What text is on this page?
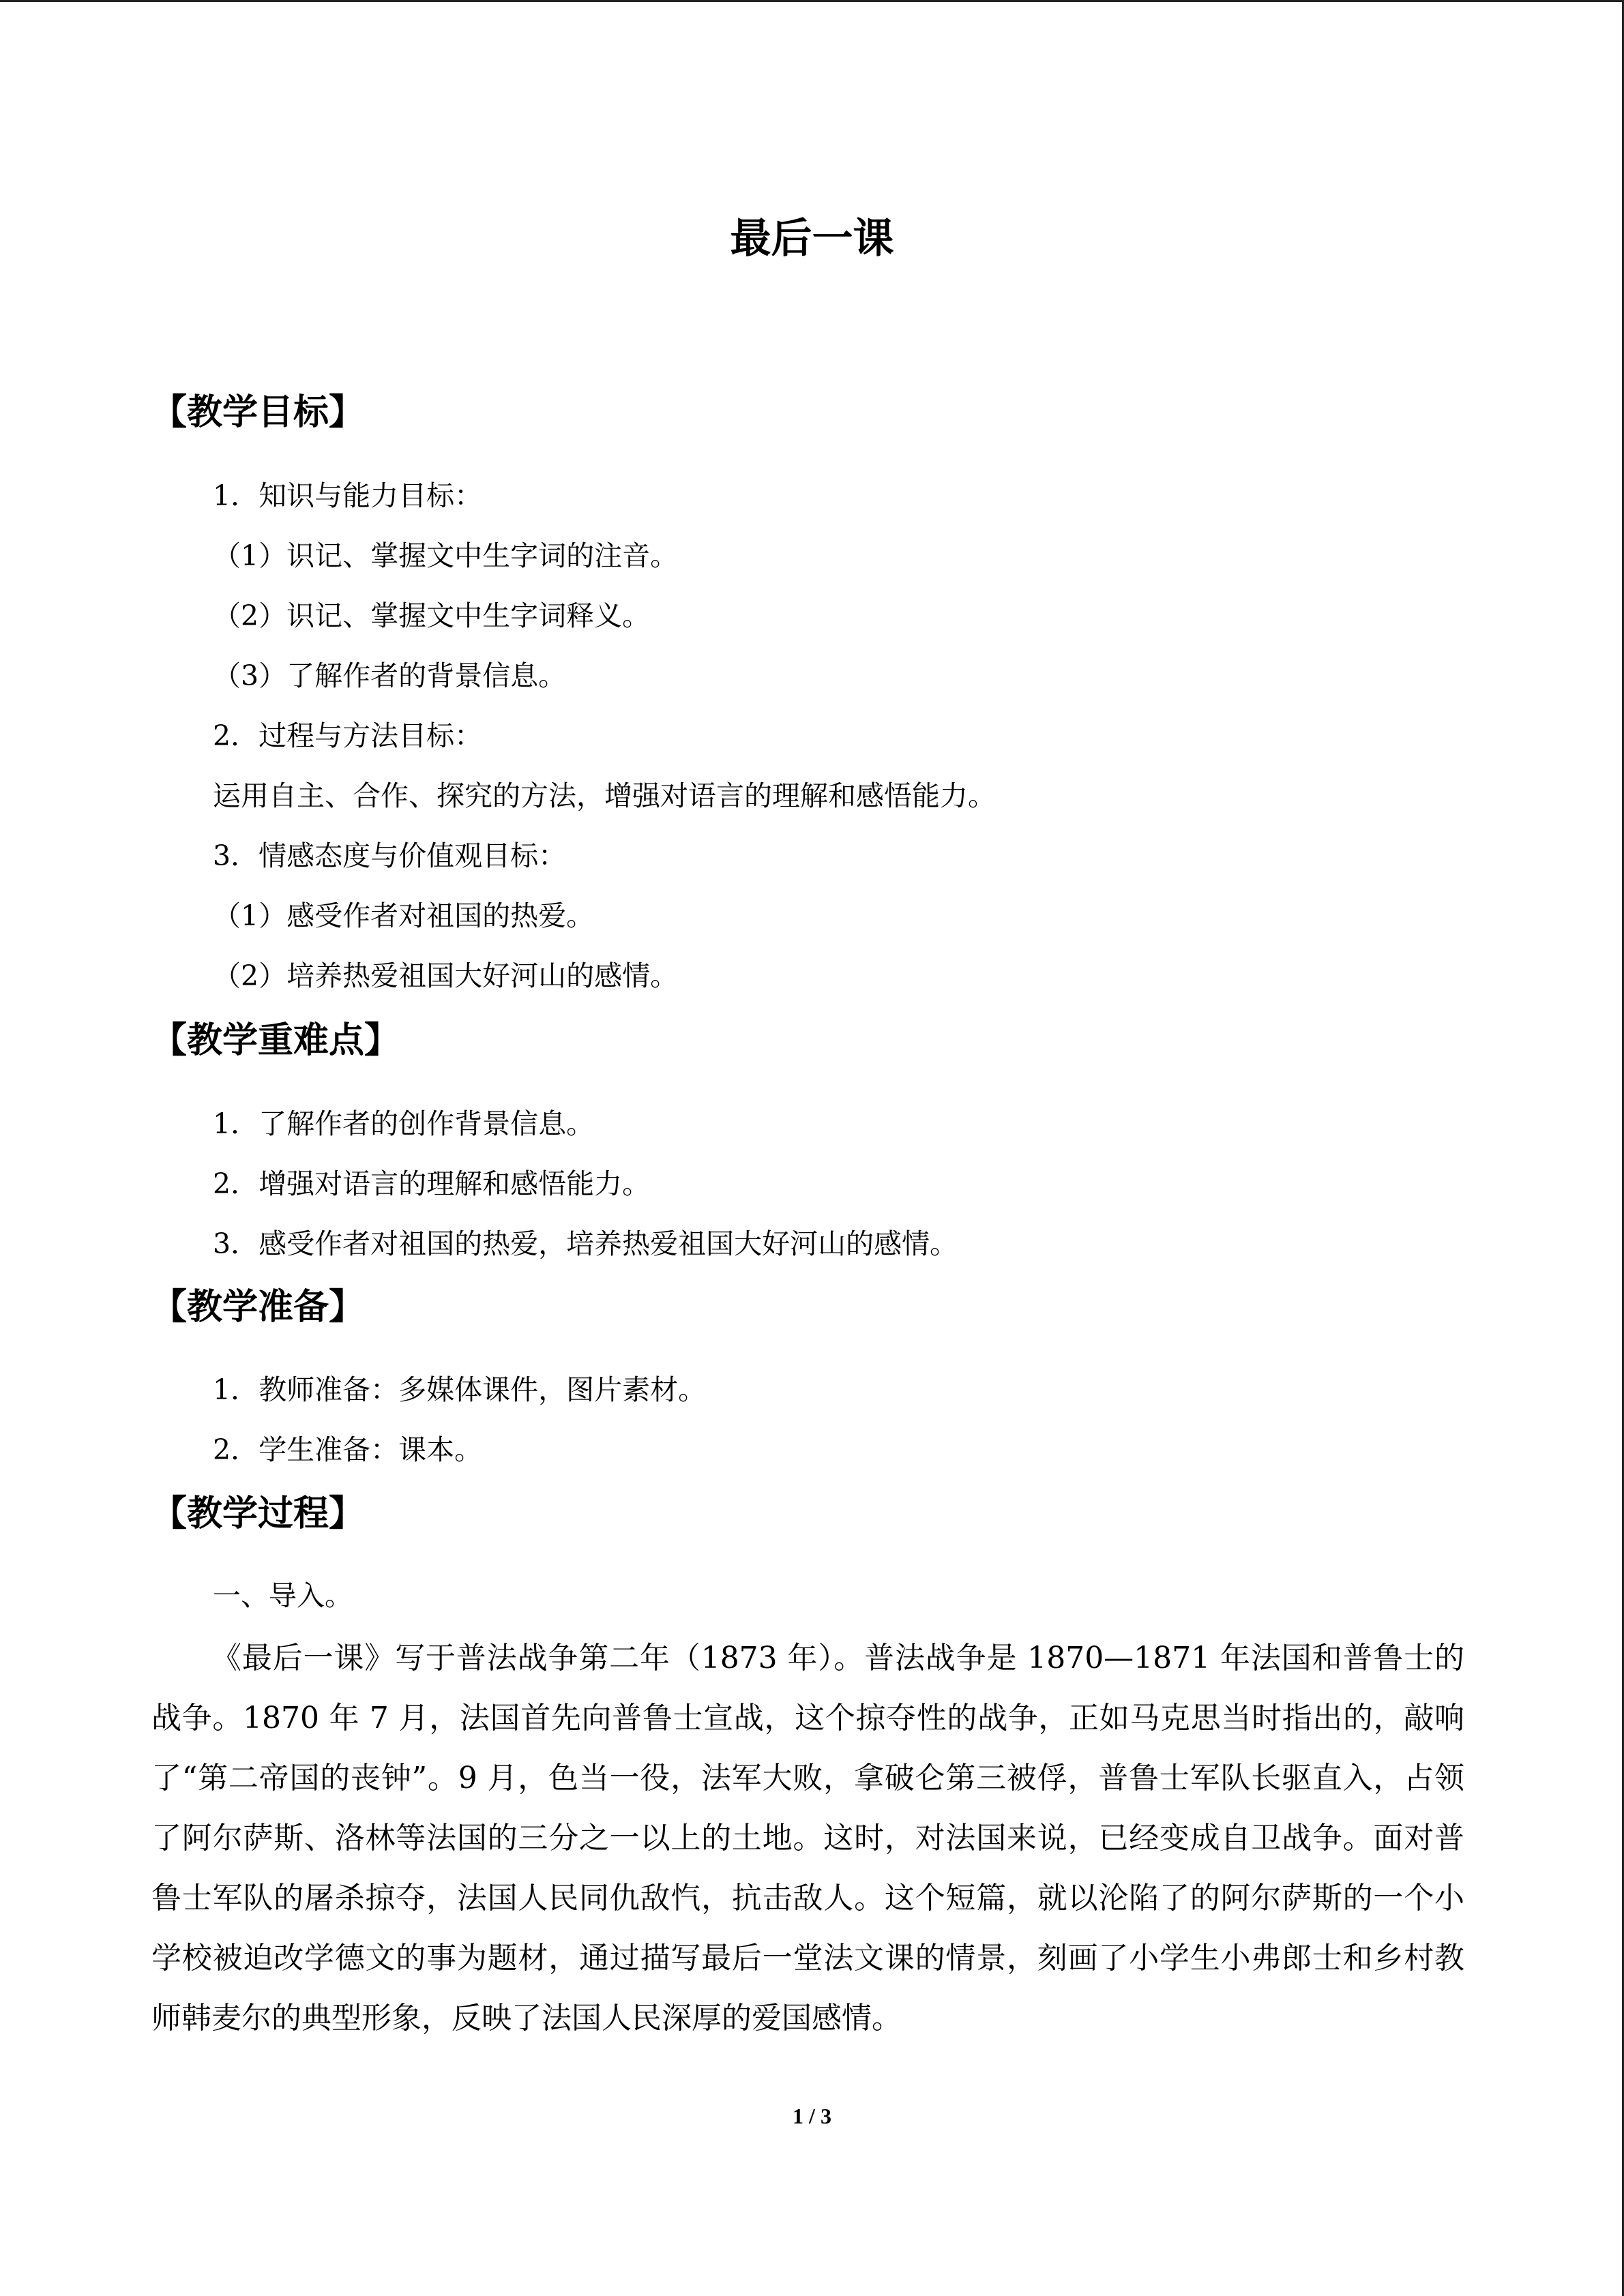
最后一课
【教学目标】

1．知识与能力目标：

（1）识记、掌握文中生字词的注音。

（2）识记、掌握文中生字词释义。

（3）了解作者的背景信息。

2．过程与方法目标：

运用自主、合作、探究的方法，增强对语言的理解和感悟能力。

3．情感态度与价值观目标：

（1）感受作者对祖国的热爱。

（2）培养热爱祖国大好河山的感情。

【教学重难点】

1．了解作者的创作背景信息。

2．增强对语言的理解和感悟能力。

3．感受作者对祖国的热爱，培养热爱祖国大好河山的感情。

【教学准备】

1．教师准备：多媒体课件，图片素材。

2．学生准备：课本。

【教学过程】

一、导入。

《最后一课》写于普法战争第二年（1873 年）。普法战争是 1870—1871 年法国和普鲁士的战争。1870 年 7 月，法国首先向普鲁士宣战，这个掠夺性的战争，正如马克思当时指出的，敲响了“第二帝国的丧钟”。9 月，色当一役，法军大败，拿破仑第三被俘，普鲁士军队长驱直入，占领了阿尔萨斯、洛林等法国的三分之一以上的土地。这时，对法国来说，已经变成自卫战争。面对普鲁士军队的屠杀掠夺，法国人民同仇敌忾，抗击敌人。这个短篇，就以沦陷了的阿尔萨斯的一个小学校被迫改学德文的事为题材，通过描写最后一堂法文课的情景，刻画了小学生小弗郎士和乡村教师韩麦尔的典型形象，反映了法国人民深厚的爱国感情。

1 / 3
